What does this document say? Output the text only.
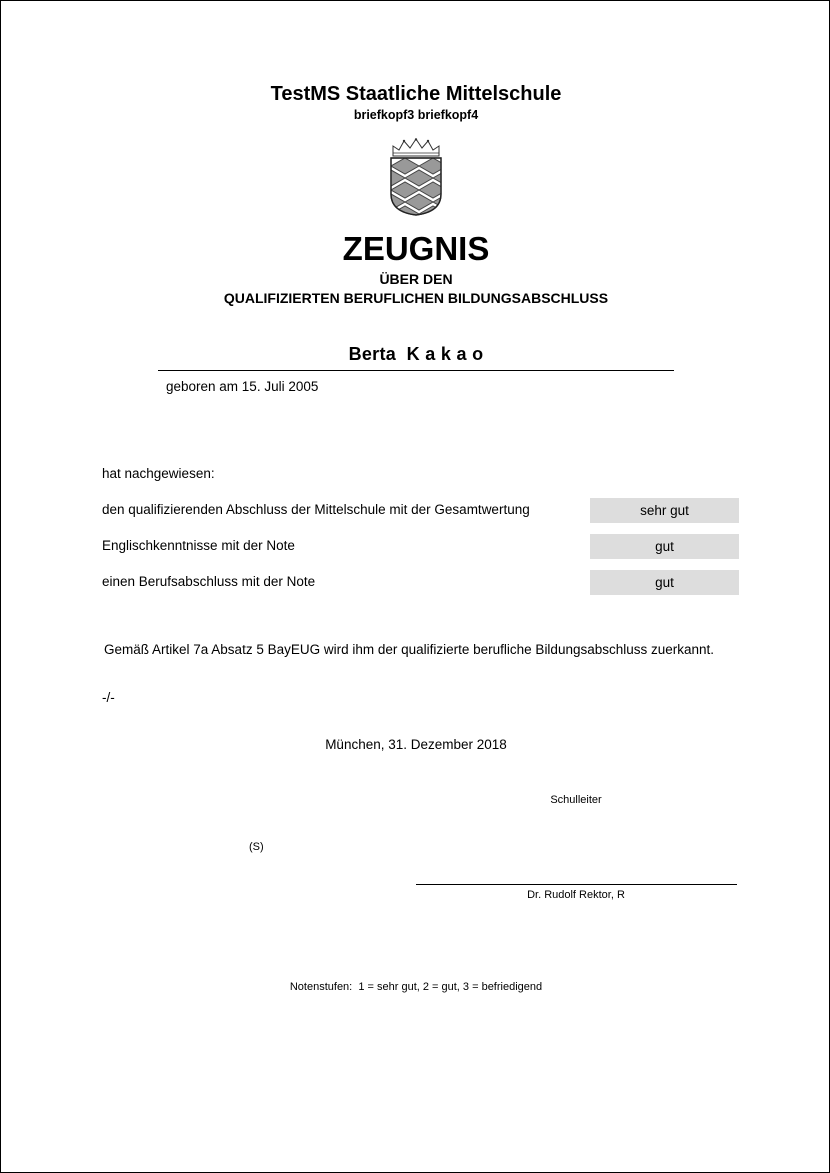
TestMS Staatliche Mittelschule
briefkopf3 briefkopf4
ZEUGNIS
ÜBER DEN
QUALIFIZIERTEN BERUFLICHEN BILDUNGSABSCHLUSS
Berta  K a k a o
geboren am 15. Juli 2005
hat nachgewiesen:
den qualifizierenden Abschluss der Mittelschule mit der Gesamtwertung	sehr gut
Englischkenntnisse mit der Note	gut
einen Berufsabschluss mit der Note	gut
Gemäß Artikel 7a Absatz 5 BayEUG wird ihm der qualifizierte berufliche Bildungsabschluss zuerkannt.
-/-
München, 31. Dezember 2018
Schulleiter
(S)
Dr. Rudolf Rektor, R
Notenstufen:  1 = sehr gut, 2 = gut, 3 = befriedigend
